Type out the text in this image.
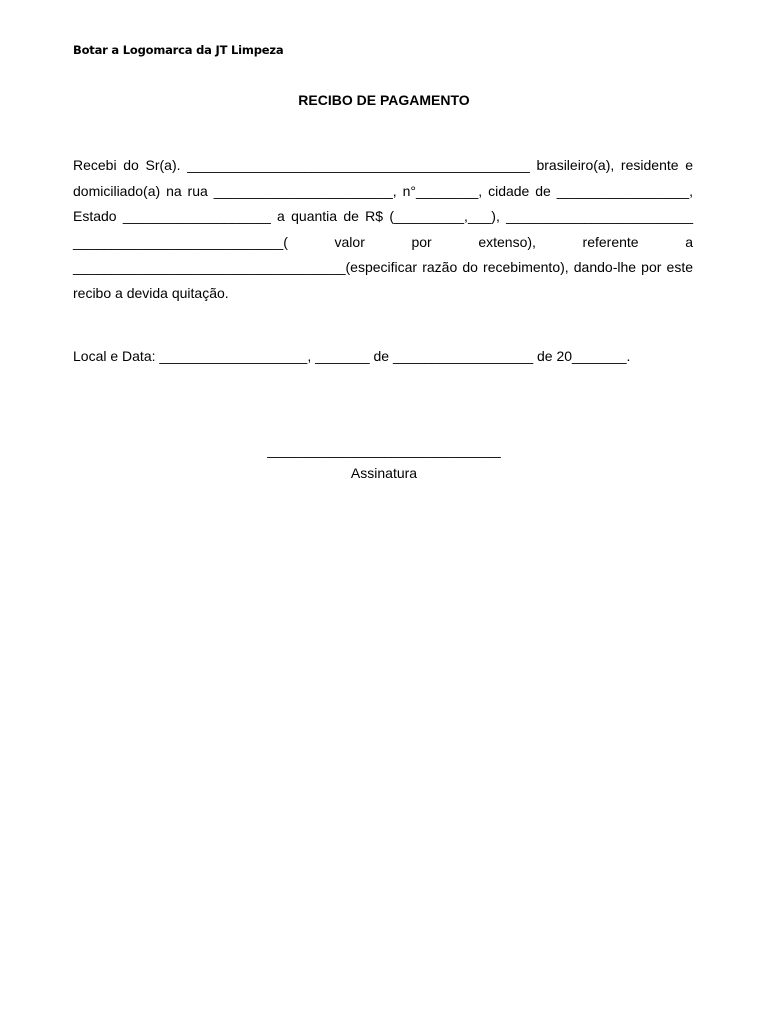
Botar a Logomarca da JT Limpeza
RECIBO DE PAGAMENTO
Recebi do Sr(a). ____________________________________________ brasileiro(a), residente e domiciliado(a) na rua _______________________, n°________, cidade de _________________, Estado ___________________ a quantia de R$ (_________,___), ________________________ ___________________________( valor por extenso), referente a ___________________________________(especificar razão do recebimento), dando-lhe por este recibo a devida quitação.
Local e Data: ___________________, _______ de __________________ de 20_______.
______________________________
Assinatura
